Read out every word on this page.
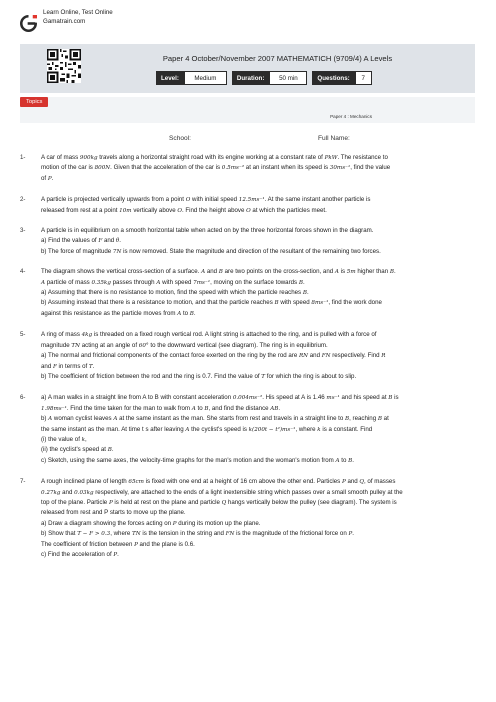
Learn Online, Test Online
Gamatrain.com
Paper 4 October/November 2007 MATHEMATICH (9709/4) A Levels
Level:	Medium	Duration:	50 min	Questions:	7
Topics
Paper 4 : Mechanics
School:	Full Name:
1-	A car of mass 900kg travels along a horizontal straight road with its engine working at a constant rate of PkW. The resistance to
motion of the car is 800N. Given that the acceleration of the car is 0.5ms⁻² at an instant when its speed is 30ms⁻¹, find the value
of P.
2-	A particle is projected vertically upwards from a point O with initial speed 12.5ms⁻¹. At the same instant another particle is
released from rest at a point 10m vertically above O. Find the height above O at which the particles meet.
3-	A particle is in equilibrium on a smooth horizontal table when acted on by the three horizontal forces shown in the diagram.
a) Find the values of F and θ.
b) The force of magnitude 7N is now removed. State the magnitude and direction of the resultant of the remaining two forces.
4-	The diagram shows the vertical cross-section of a surface. A and B are two points on the cross-section, and A is 5m higher than B.
A particle of mass 0.35kg passes through A with speed 7ms⁻¹, moving on the surface towards B.
a) Assuming that there is no resistance to motion, find the speed with which the particle reaches B.
b) Assuming instead that there is a resistance to motion, and that the particle reaches B with speed 8ms⁻¹, find the work done
against this resistance as the particle moves from A to B.
5-	A ring of mass 4kg is threaded on a fixed rough vertical rod. A light string is attached to the ring, and is pulled with a force of
magnitude TN acting at an angle of 60° to the downward vertical (see diagram). The ring is in equilibrium.
a) The normal and frictional components of the contact force exerted on the ring by the rod are RN and FN respectively. Find R
and F in terms of T.
b) The coefficient of friction between the rod and the ring is 0.7. Find the value of T for which the ring is about to slip.
6-	a) A man walks in a straight line from A to B with constant acceleration 0.004ms⁻². His speed at A is 1.46 ms⁻¹ and his speed at B is
1.98ms⁻¹. Find the time taken for the man to walk from A to B, and find the distance AB.
b) A woman cyclist leaves A at the same instant as the man. She starts from rest and travels in a straight line to B, reaching B at
the same instant as the man. At time t s after leaving A the cyclist's speed is k(200t − t²)ms⁻¹, where k is a constant. Find
(i) the value of k,
(ii) the cyclist's speed at B.
c) Sketch, using the same axes, the velocity-time graphs for the man's motion and the woman's motion from A to B.
7-	A rough inclined plane of length 65cm is fixed with one end at a height of 16 cm above the other end. Particles P and Q, of masses
0.27kg and 0.03kg respectively, are attached to the ends of a light inextensible string which passes over a small smooth pulley at the
top of the plane. Particle P is held at rest on the plane and particle Q hangs vertically below the pulley (see diagram). The system is
released from rest and P starts to move up the plane.
a) Draw a diagram showing the forces acting on P during its motion up the plane.
b) Show that T − F > 0.3, where TN is the tension in the string and FN is the magnitude of the frictional force on P.
The coefficient of friction between P and the plane is 0.6.
c) Find the acceleration of P.
